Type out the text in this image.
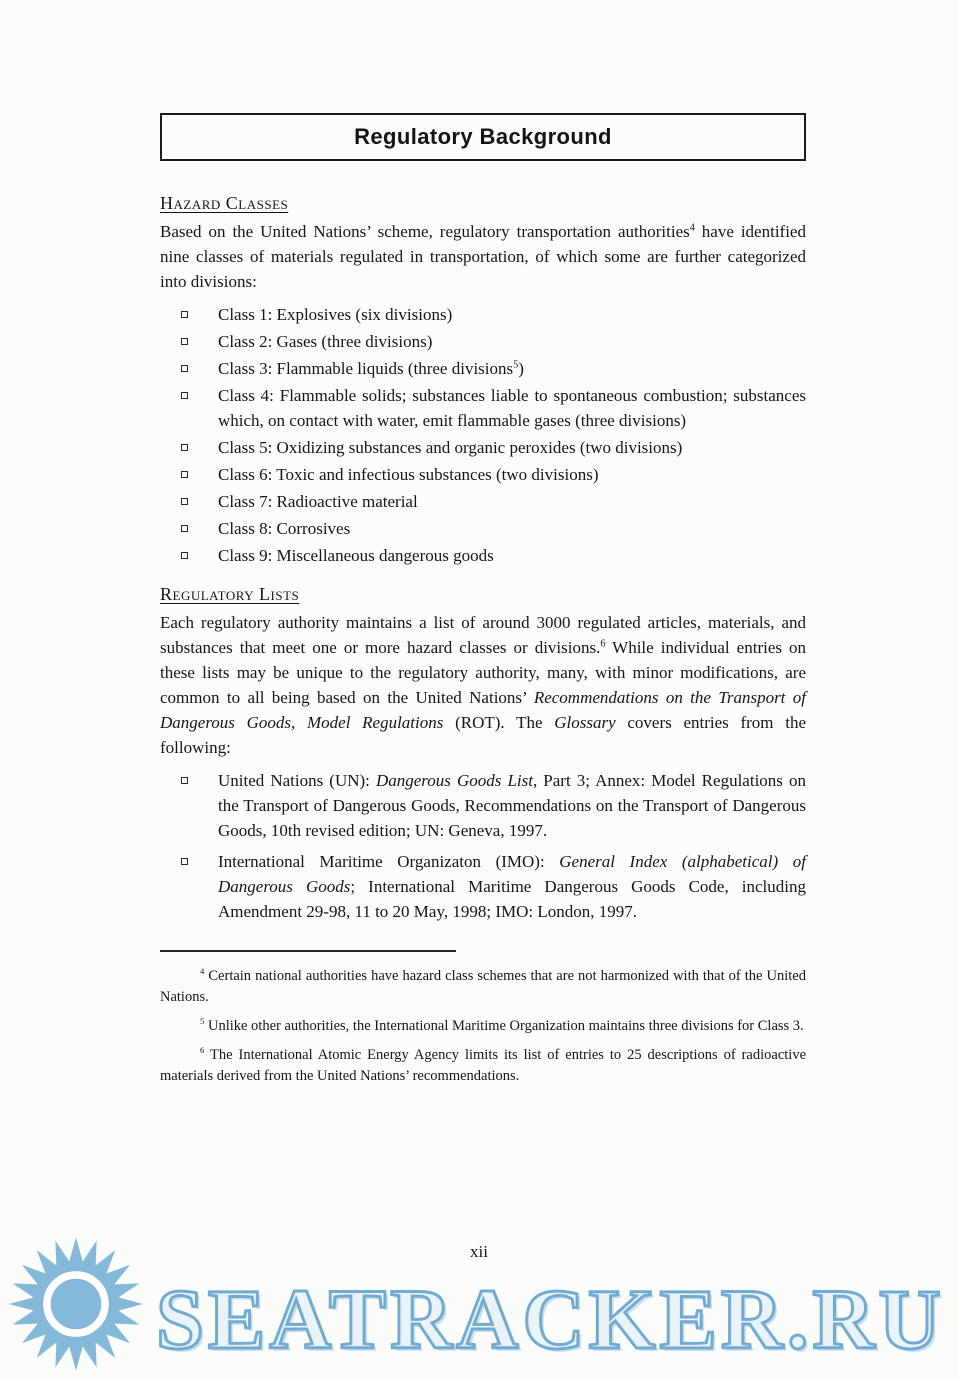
Regulatory Background
Hazard Classes

Based on the United Nations’ scheme, regulatory transportation authorities$^4$ have identified nine classes of materials regulated in transportation, of which some are further categorized into divisions:

Class 1: Explosives (six divisions)
Class 2: Gases (three divisions)
Class 3: Flammable liquids (three divisions$^5$)
Class 4: Flammable solids; substances liable to spontaneous combustion; substances which, on contact with water, emit flammable gases (three divisions)
Class 5: Oxidizing substances and organic peroxides (two divisions)
Class 6: Toxic and infectious substances (two divisions)
Class 7: Radioactive material
Class 8: Corrosives
Class 9: Miscellaneous dangerous goods
Regulatory Lists

Each regulatory authority maintains a list of around 3000 regulated articles, materials, and substances that meet one or more hazard classes or divisions.$^6$ While individual entries on these lists may be unique to the regulatory authority, many, with minor modifications, are common to all being based on the United Nations’ Recommendations on the Transport of Dangerous Goods, Model Regulations (ROT). The Glossary covers entries from the following:

United Nations (UN): Dangerous Goods List, Part 3; Annex: Model Regulations on the Transport of Dangerous Goods, Recommendations on the Transport of Dangerous Goods, 10th revised edition; UN: Geneva, 1997.
International Maritime Organizaton (IMO): General Index (alphabetical) of Dangerous Goods; International Maritime Dangerous Goods Code, including Amendment 29-98, 11 to 20 May, 1998; IMO: London, 1997.

$^4$ Certain national authorities have hazard class schemes that are not harmonized with that of the United Nations.

$^5$ Unlike other authorities, the International Maritime Organization maintains three divisions for Class 3.

$^6$ The International Atomic Energy Agency limits its list of entries to 25 descriptions of radioactive materials derived from the United Nations’ recommendations.

xii
SEATRACKER.RU
